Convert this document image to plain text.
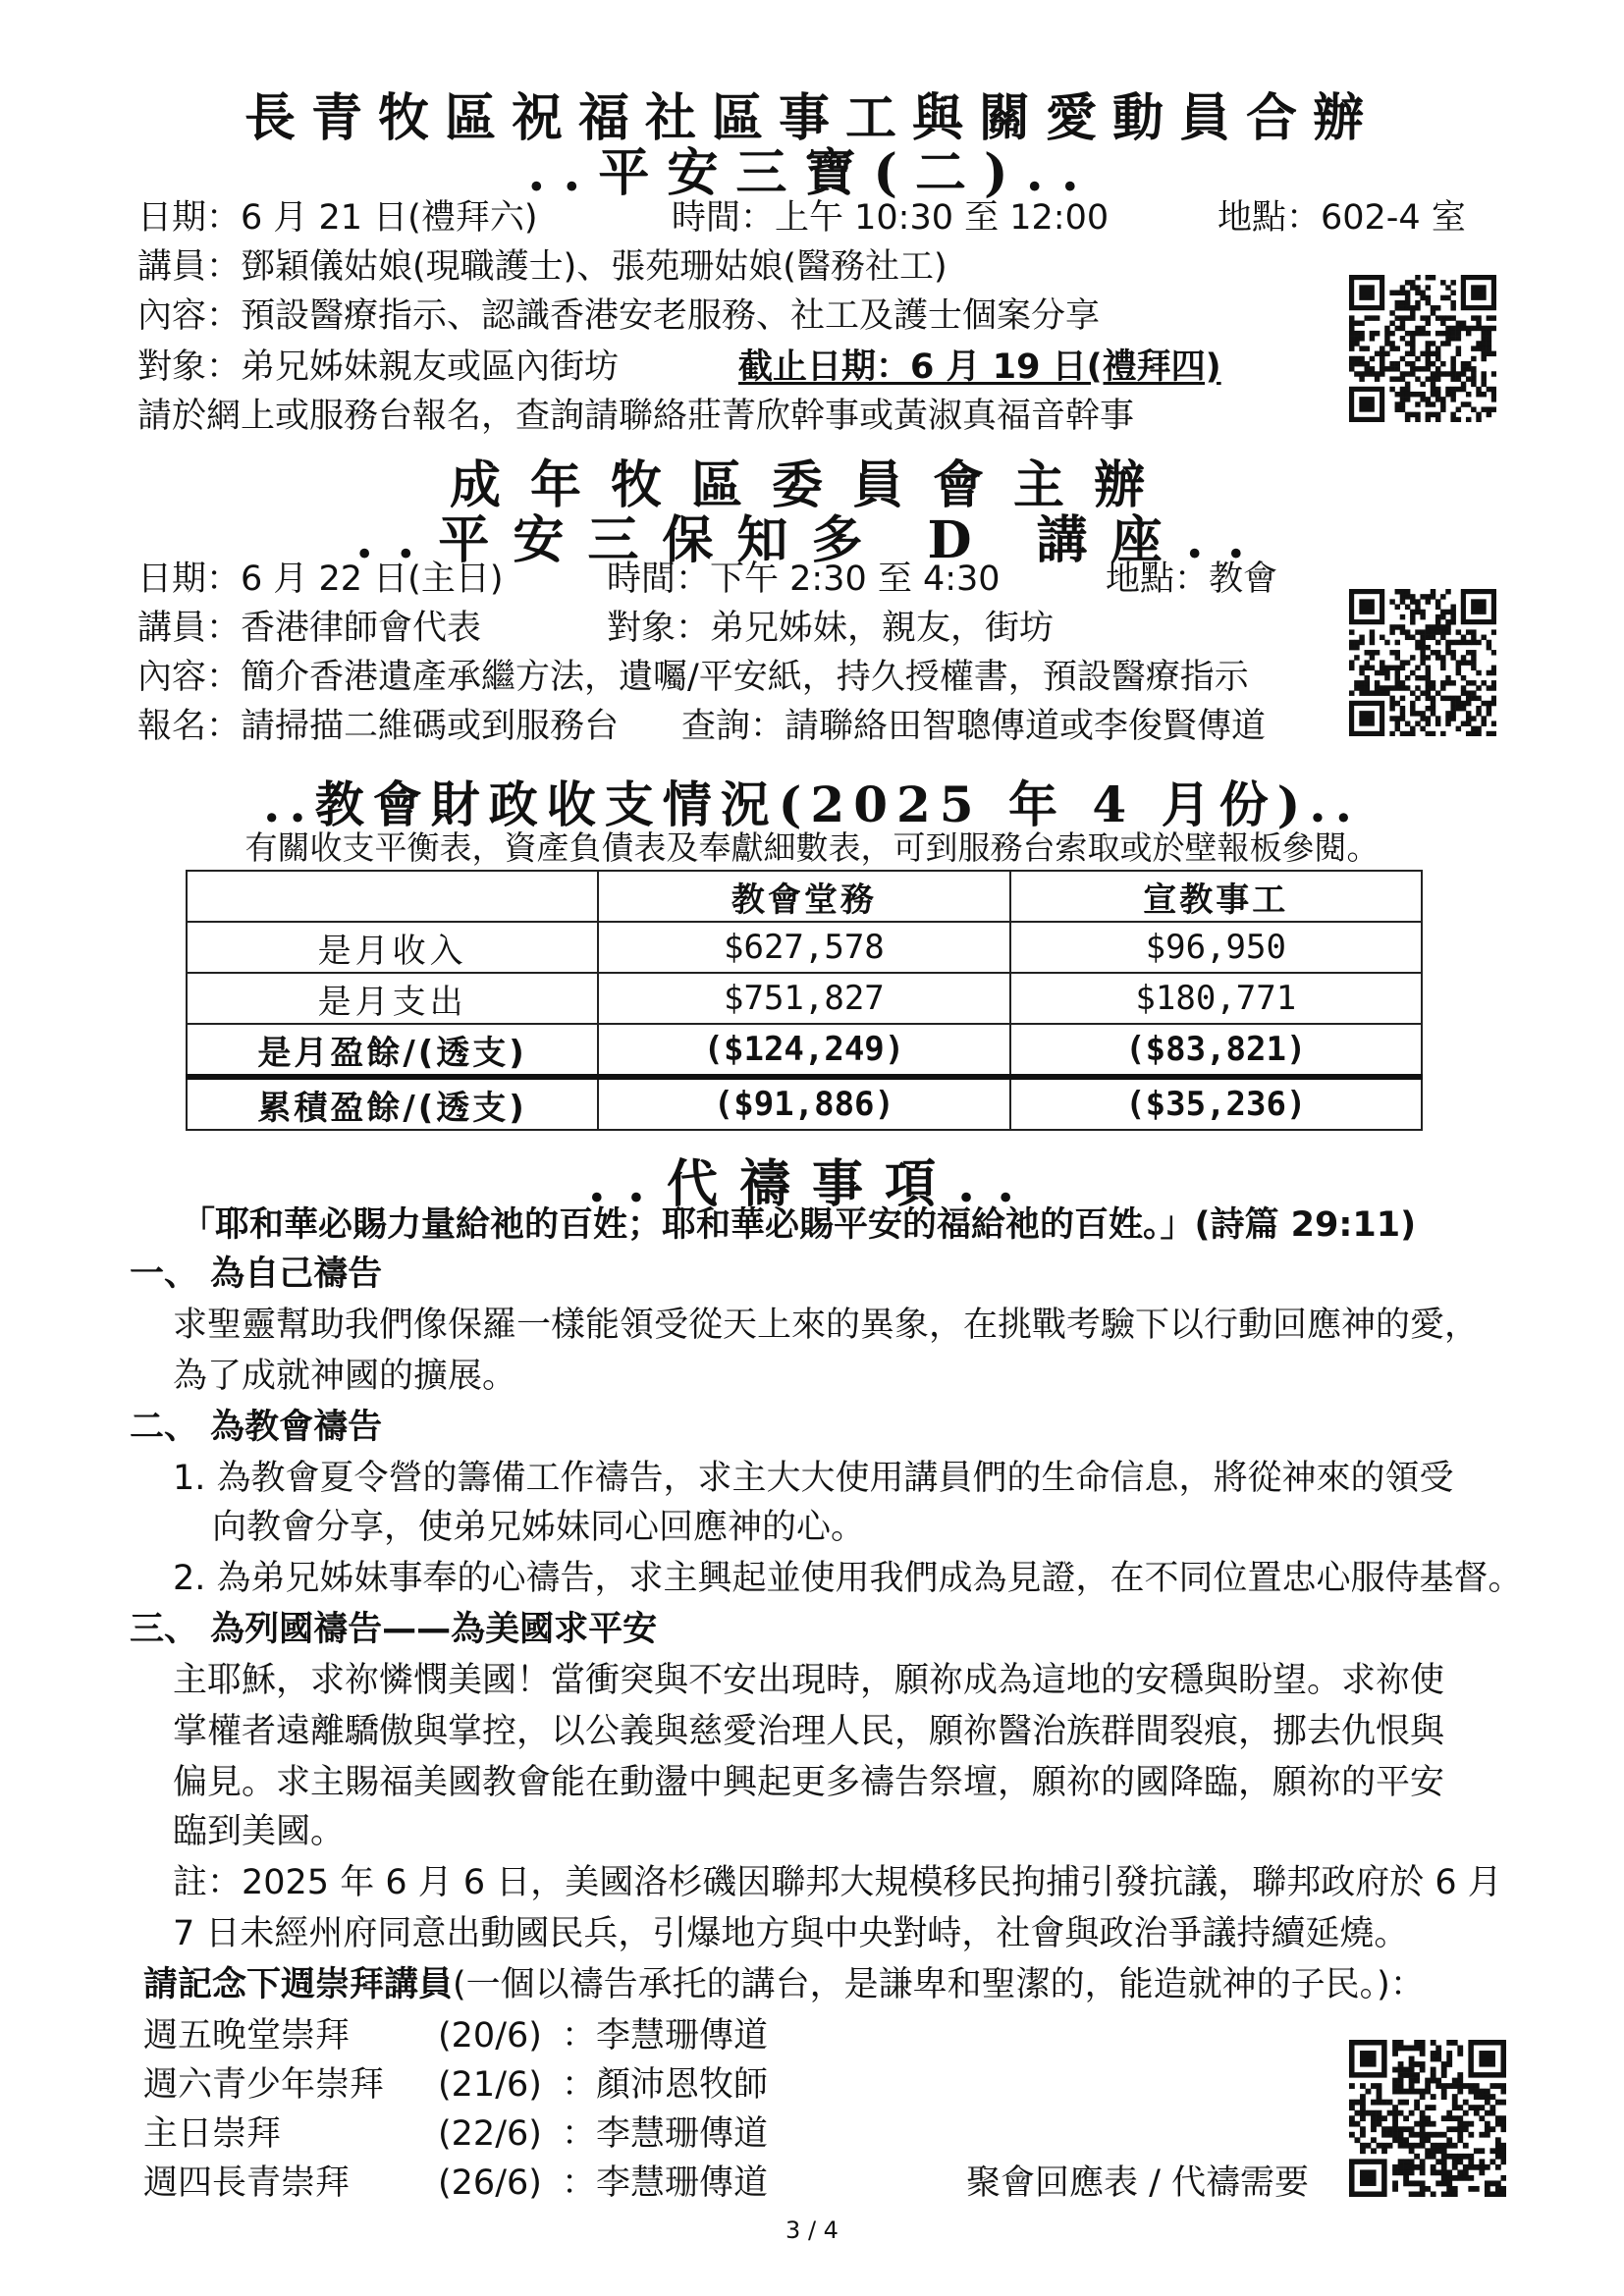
長青牧區祝福社區事工與關愛動員合辦
..平安三寶(二)..
日期：6 月 21 日(禮拜六)	時間：上午 10:30 至 12:00	地點：602-4 室
講員：鄧穎儀姑娘(現職護士)、張苑珊姑娘(醫務社工)
內容：預設醫療指示、認識香港安老服務、社工及護士個案分享
對象：弟兄姊妹親友或區內街坊	截止日期：6 月 19 日(禮拜四)
請於網上或服務台報名，查詢請聯絡莊菁欣幹事或黃淑真福音幹事
成年牧區委員會主辦
..平安三保知多 D 講座..
日期：6 月 22 日(主日)	時間：下午 2:30 至 4:30	地點：教會
講員：香港律師會代表	對象：弟兄姊妹，親友，街坊
內容：簡介香港遺產承繼方法，遺囑/平安紙，持久授權書，預設醫療指示
報名：請掃描二維碼或到服務台 查詢：請聯絡田智聰傳道或李俊賢傳道
..教會財政收支情況(2025 年 4 月份)..
有關收支平衡表，資產負債表及奉獻細數表，可到服務台索取或於壁報板參閱。
	教會堂務	宣教事工
是月收入	$627,578	$96,950
是月支出	$751,827	$180,771
是月盈餘/(透支)	($124,249)	($83,821)
累積盈餘/(透支)	($91,886)	($35,236)
..代禱事項..
「耶和華必賜力量給祂的百姓；耶和華必賜平安的福給祂的百姓。」(詩篇 29:11)
一、 為自己禱告
求聖靈幫助我們像保羅一樣能領受從天上來的異象，在挑戰考驗下以行動回應神的愛，
為了成就神國的擴展。
二、 為教會禱告
1. 為教會夏令營的籌備工作禱告，求主大大使用講員們的生命信息，將從神來的領受
向教會分享，使弟兄姊妹同心回應神的心。
2. 為弟兄姊妹事奉的心禱告，求主興起並使用我們成為見證，在不同位置忠心服侍基督。
三、 為列國禱告——為美國求平安
主耶穌，求祢憐憫美國！當衝突與不安出現時，願祢成為這地的安穩與盼望。求祢使
掌權者遠離驕傲與掌控，以公義與慈愛治理人民，願祢醫治族群間裂痕，挪去仇恨與
偏見。求主賜福美國教會能在動盪中興起更多禱告祭壇，願祢的國降臨，願祢的平安
臨到美國。
註：2025 年 6 月 6 日，美國洛杉磯因聯邦大規模移民拘捕引發抗議，聯邦政府於 6 月
7 日未經州府同意出動國民兵，引爆地方與中央對峙，社會與政治爭議持續延燒。
請記念下週崇拜講員(一個以禱告承托的講台，是謙卑和聖潔的，能造就神的子民。)：
週五晚堂崇拜	(20/6) ：李慧珊傳道
週六青少年崇拜 (21/6) ：顏沛恩牧師
主日崇拜	(22/6) ：李慧珊傳道
週四長青崇拜	(26/6) ：李慧珊傳道	聚會回應表 / 代禱需要
3 / 4
